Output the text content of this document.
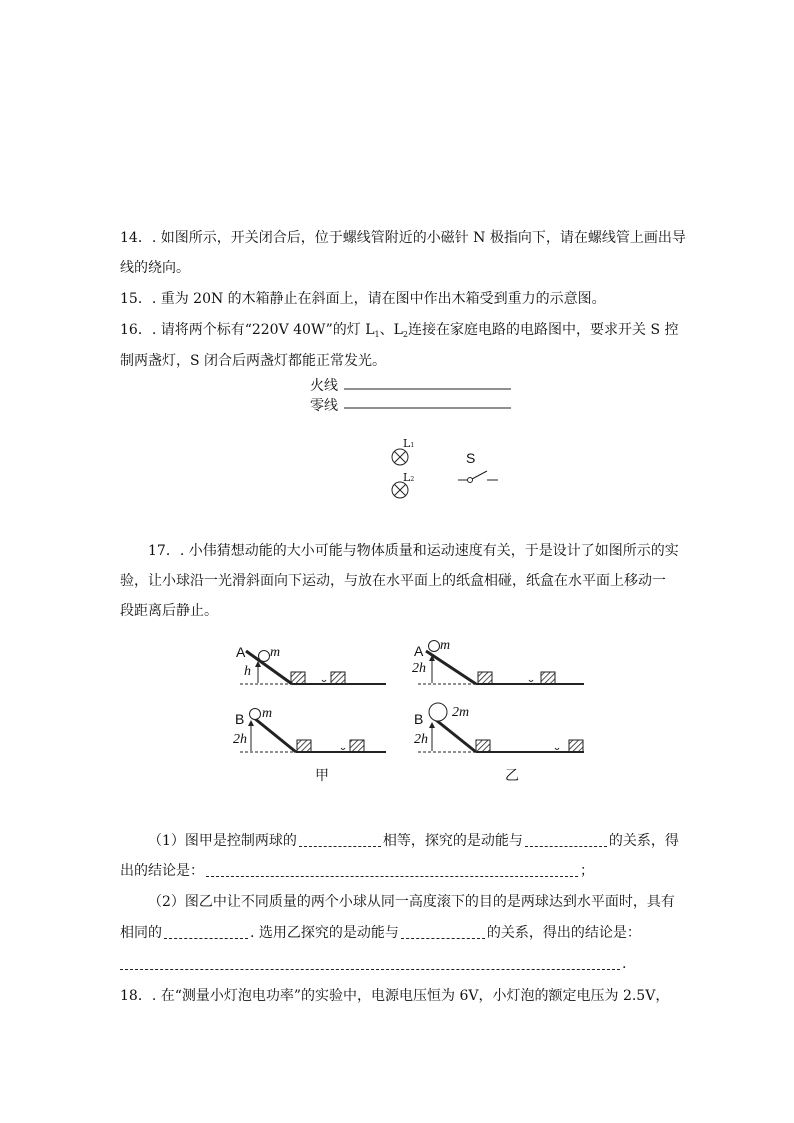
14．. 如图所示，开关闭合后，位于螺线管附近的小磁针 N 极指向下，请在螺线管上画出导
线的绕向。
15．. 重为 20N 的木箱静止在斜面上，请在图中作出木箱受到重力的示意图。
16．. 请将两个标有“220V 40W”的灯 $L_1$、$L_2$连接在家庭电路的电路图中，要求开关 S 控
制两盏灯，S 闭合后两盏灯都能正常发光。
火线
零线
L1
L2
S
17．. 小伟猜想动能的大小可能与物体质量和运动速度有关，于是设计了如图所示的实
验，让小球沿一光滑斜面向下运动，与放在水平面上的纸盒相碰，纸盒在水平面上移动一
段距离后静止。
A m
h
A m
2h
B m
2h
B 2m
2h
甲	乙
（1）图甲是控制两球的	相等，探究的是动能与	的关系，得
出的结论是：	；
（2）图乙中让不同质量的两个小球从同一高度滚下的目的是两球达到水平面时，具有
相同的	. 选用乙探究的是动能与	的关系，得出的结论是：
.
18．. 在“测量小灯泡电功率”的实验中，电源电压恒为 6V，小灯泡的额定电压为 2.5V，
